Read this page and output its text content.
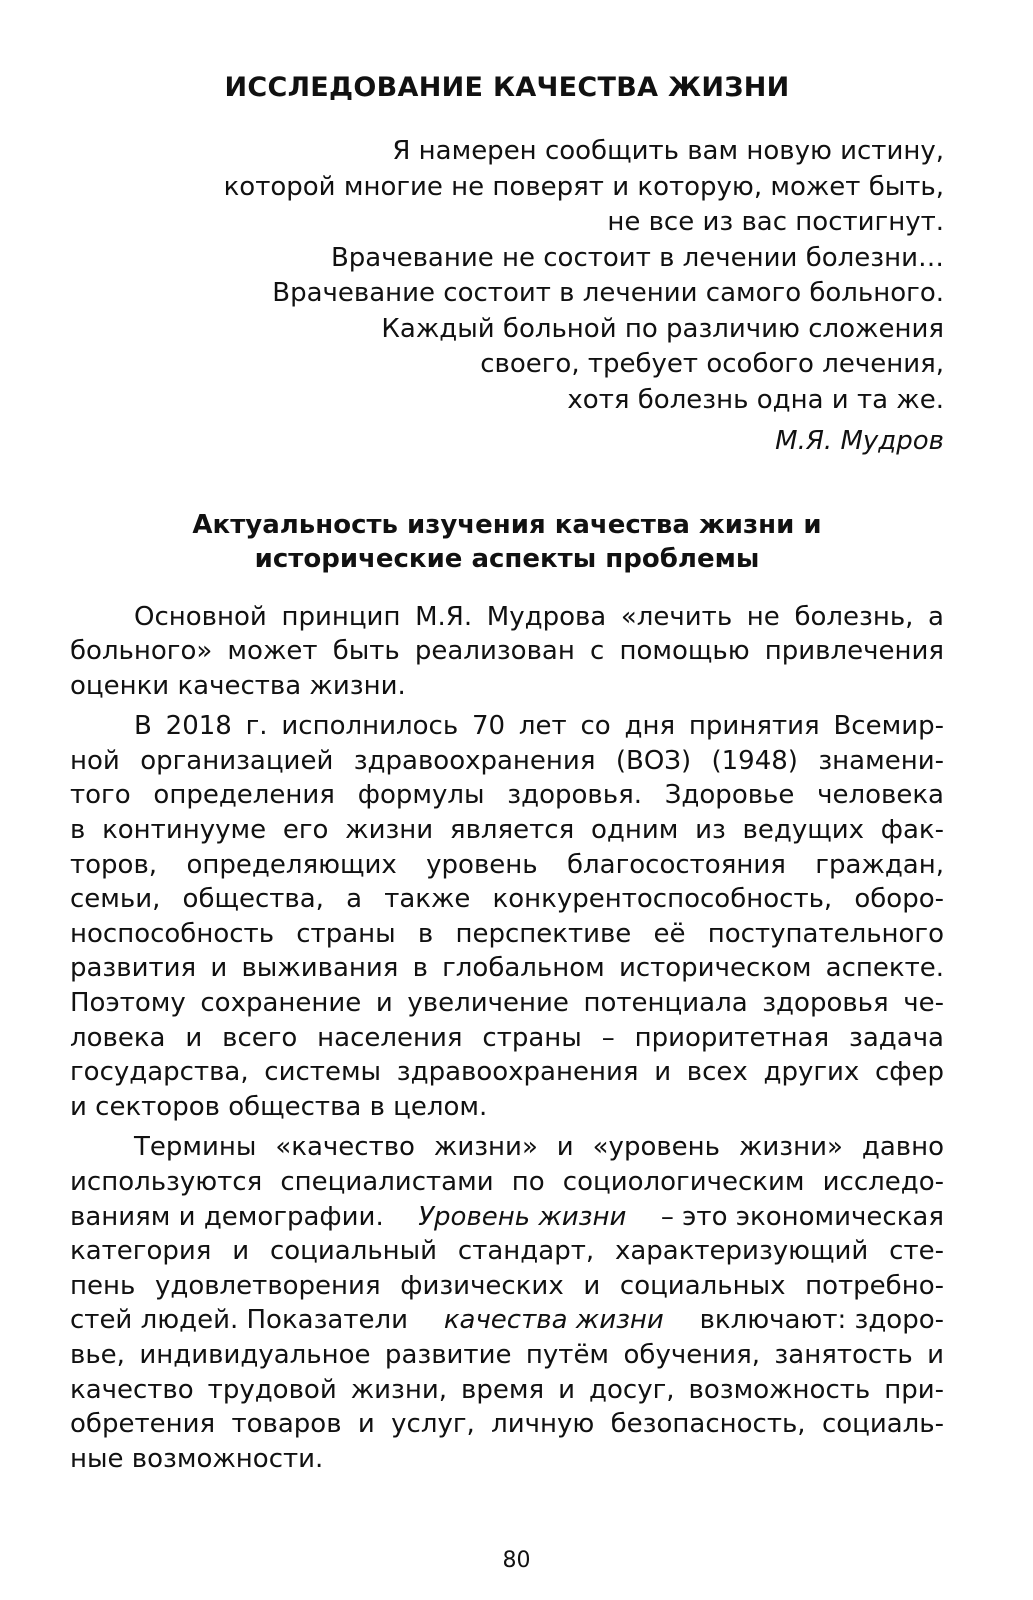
ИССЛЕДОВАНИЕ КАЧЕСТВА ЖИЗНИ
Я намерен сообщить вам новую истину,
которой многие не поверят и которую, может быть,
не все из вас постигнут.
Врачевание не состоит в лечении болезни…
Врачевание состоит в лечении самого больного.
Каждый больной по различию сложения
своего, требует особого лечения,
хотя болезнь одна и та же.
М.Я. Мудров
Актуальность изучения качества жизни и
исторические аспекты проблемы

Основной принцип М.Я. Мудрова «лечить не болезнь, а
больного» может быть реализован с помощью привлечения
оценки качества жизни.

В 2018 г. исполнилось 70 лет со дня принятия Всемир-
ной организацией здравоохранения (ВОЗ) (1948) знамени-
того определения формулы здоровья. Здоровье человека
в континууме его жизни является одним из ведущих фак-
торов, определяющих уровень благосостояния граждан,
семьи, общества, а также конкурентоспособность, оборо-
носпособность страны в перспективе её поступательного
развития и выживания в глобальном историческом аспекте.
Поэтому сохранение и увеличение потенциала здоровья че-
ловека и всего населения страны – приоритетная задача
государства, системы здравоохранения и всех других сфер
и секторов общества в целом.

Термины «качество жизни» и «уровень жизни» давно
используются специалистами по социологическим исследо-
ваниям и демографии. Уровень жизни – это экономическая
категория и социальный стандарт, характеризующий сте-
пень удовлетворения физических и социальных потребно-
стей людей. Показатели качества жизни включают: здоро-
вье, индивидуальное развитие путём обучения, занятость и
качество трудовой жизни, время и досуг, возможность при-
обретения товаров и услуг, личную безопасность, социаль-
ные возможности.

80
